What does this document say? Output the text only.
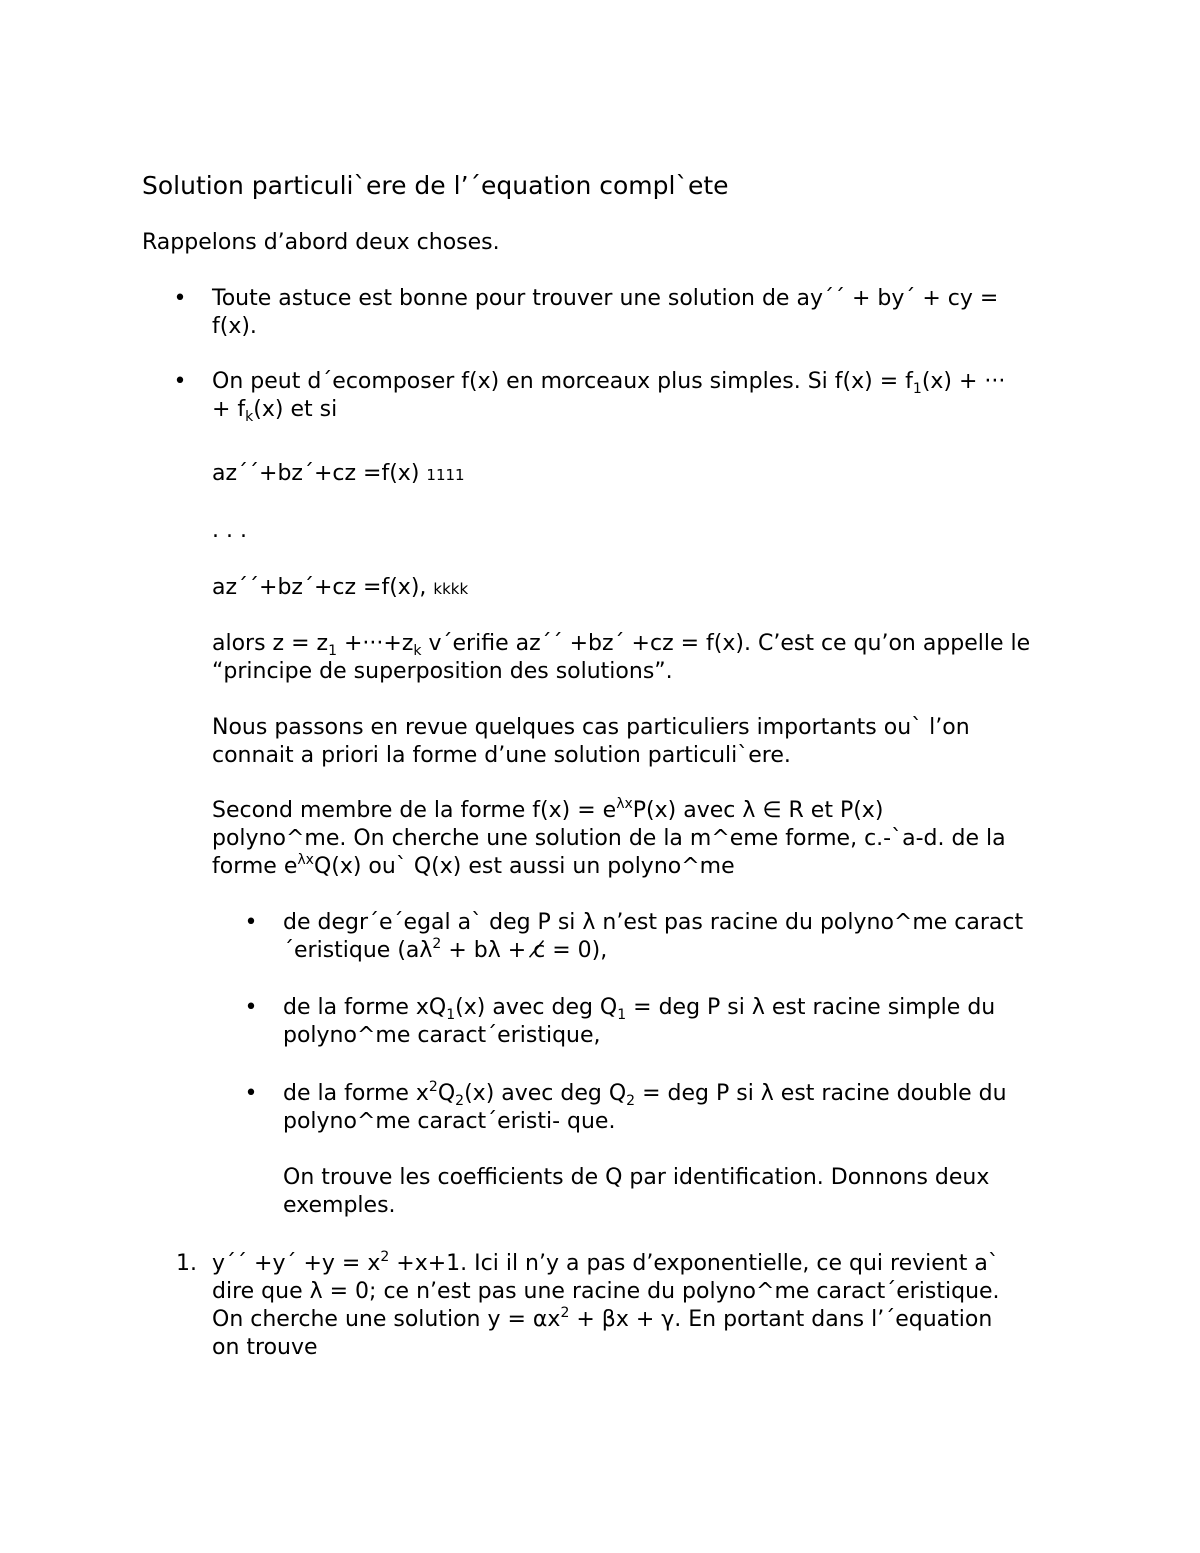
Solution particuli`ere de l’´equation compl`ete
Rappelons d’abord deux choses.
• Toute astuce est bonne pour trouver une solution de ay´´ + by´ + cy =
f(x).
• On peut d´ecomposer f(x) en morceaux plus simples. Si $f(x) = f_1(x)$ + ···
+ $f_k(x)$ et si
az´´+bz´+cz =f(x) 1111
. . .
az´´+bz´+cz =f(x), kkkk
alors $z = z_1 +\cdot\cdot\cdot+z_k$ v´erifie az´´ +bz´ +cz = f(x). C’est ce qu’on appelle le
“principe de superposition des solutions”.
Nous passons en revue quelques cas particuliers importants ou` l’on
connait a priori la forme d’une solution particuli`ere.
Second membre de la forme $f(x) = e^{\lambda x}P(x)$ avec λ ∈ R et P(x)
polyno^me. On cherche une solution de la m^eme forme, c.-`a-d. de la
forme $e^{\lambda x}Q(x)$ ou` Q(x) est aussi un polyno^me
• de degr´e´egal a` deg P si λ n’est pas racine du polyno^me caract
´eristique ($a\lambda^2 + b\lambda$ + c̸ = 0),
• de la forme $xQ_1(x)$ avec deg $Q_1$ = deg P si λ est racine simple du
polyno^me caract´eristique,
• de la forme $x^2Q_2(x)$ avec deg $Q_2$ = deg P si λ est racine double du
polyno^me caract´eristi- que.
On trouve les coefficients de Q par identification. Donnons deux
exemples.
1. y´´ +y´ $+y = x^2 +x+1$. Ici il n’y a pas d’exponentielle, ce qui revient a`
dire que λ = 0; ce n’est pas une racine du polyno^me caract´eristique.
On cherche une solution $y = \alpha x^2 + \beta x + \gamma$. En portant dans l’´equation
on trouve
